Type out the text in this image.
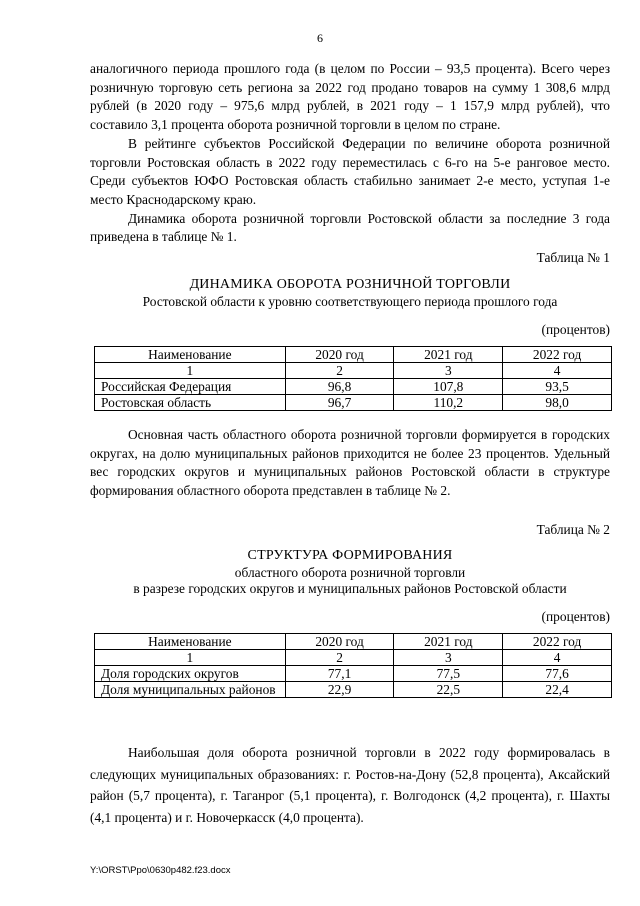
6

аналогичного периода прошлого года (в целом по России – 93,5 процента). Всего через розничную торговую сеть региона за 2022 год продано товаров на сумму 1 308,6 млрд рублей (в 2020 году – 975,6 млрд рублей, в 2021 году – 1 157,9 млрд рублей), что составило 3,1 процента оборота розничной торговли в целом по стране.

В рейтинге субъектов Российской Федерации по величине оборота розничной торговли Ростовская область в 2022 году переместилась с 6-го на 5-е ранговое место. Среди субъектов ЮФО Ростовская область стабильно занимает 2-е место, уступая 1-е место Краснодарскому краю.

Динамика оборота розничной торговли Ростовской области за последние 3 года приведена в таблице № 1.

Таблица № 1
ДИНАМИКА ОБОРОТА РОЗНИЧНОЙ ТОРГОВЛИ
Ростовской области к уровню соответствующего периода прошлого года
(процентов)
Наименование	2020 год	2021 год	2022 год
1	2	3	4
Российская Федерация	96,8	107,8	93,5
Ростовская область	96,7	110,2	98,0

Основная часть областного оборота розничной торговли формируется в городских округах, на долю муниципальных районов приходится не более 23 процентов. Удельный вес городских округов и муниципальных районов Ростовской области в структуре формирования областного оборота представлен в таблице № 2.

Таблица № 2
СТРУКТУРА ФОРМИРОВАНИЯ
областного оборота розничной торговли
в разрезе городских округов и муниципальных районов Ростовской области
(процентов)
Наименование	2020 год	2021 год	2022 год
1	2	3	4
Доля городских округов	77,1	77,5	77,6
Доля муниципальных районов	22,9	22,5	22,4

Наибольшая доля оборота розничной торговли в 2022 году формировалась в следующих муниципальных образованиях: г. Ростов-на-Дону (52,8 процента), Аксайский район (5,7 процента), г. Таганрог (5,1 процента), г. Волгодонск (4,2 процента), г. Шахты (4,1 процента) и г. Новочеркасск (4,0 процента).

Y:\ORST\Ppo\0630p482.f23.docx
